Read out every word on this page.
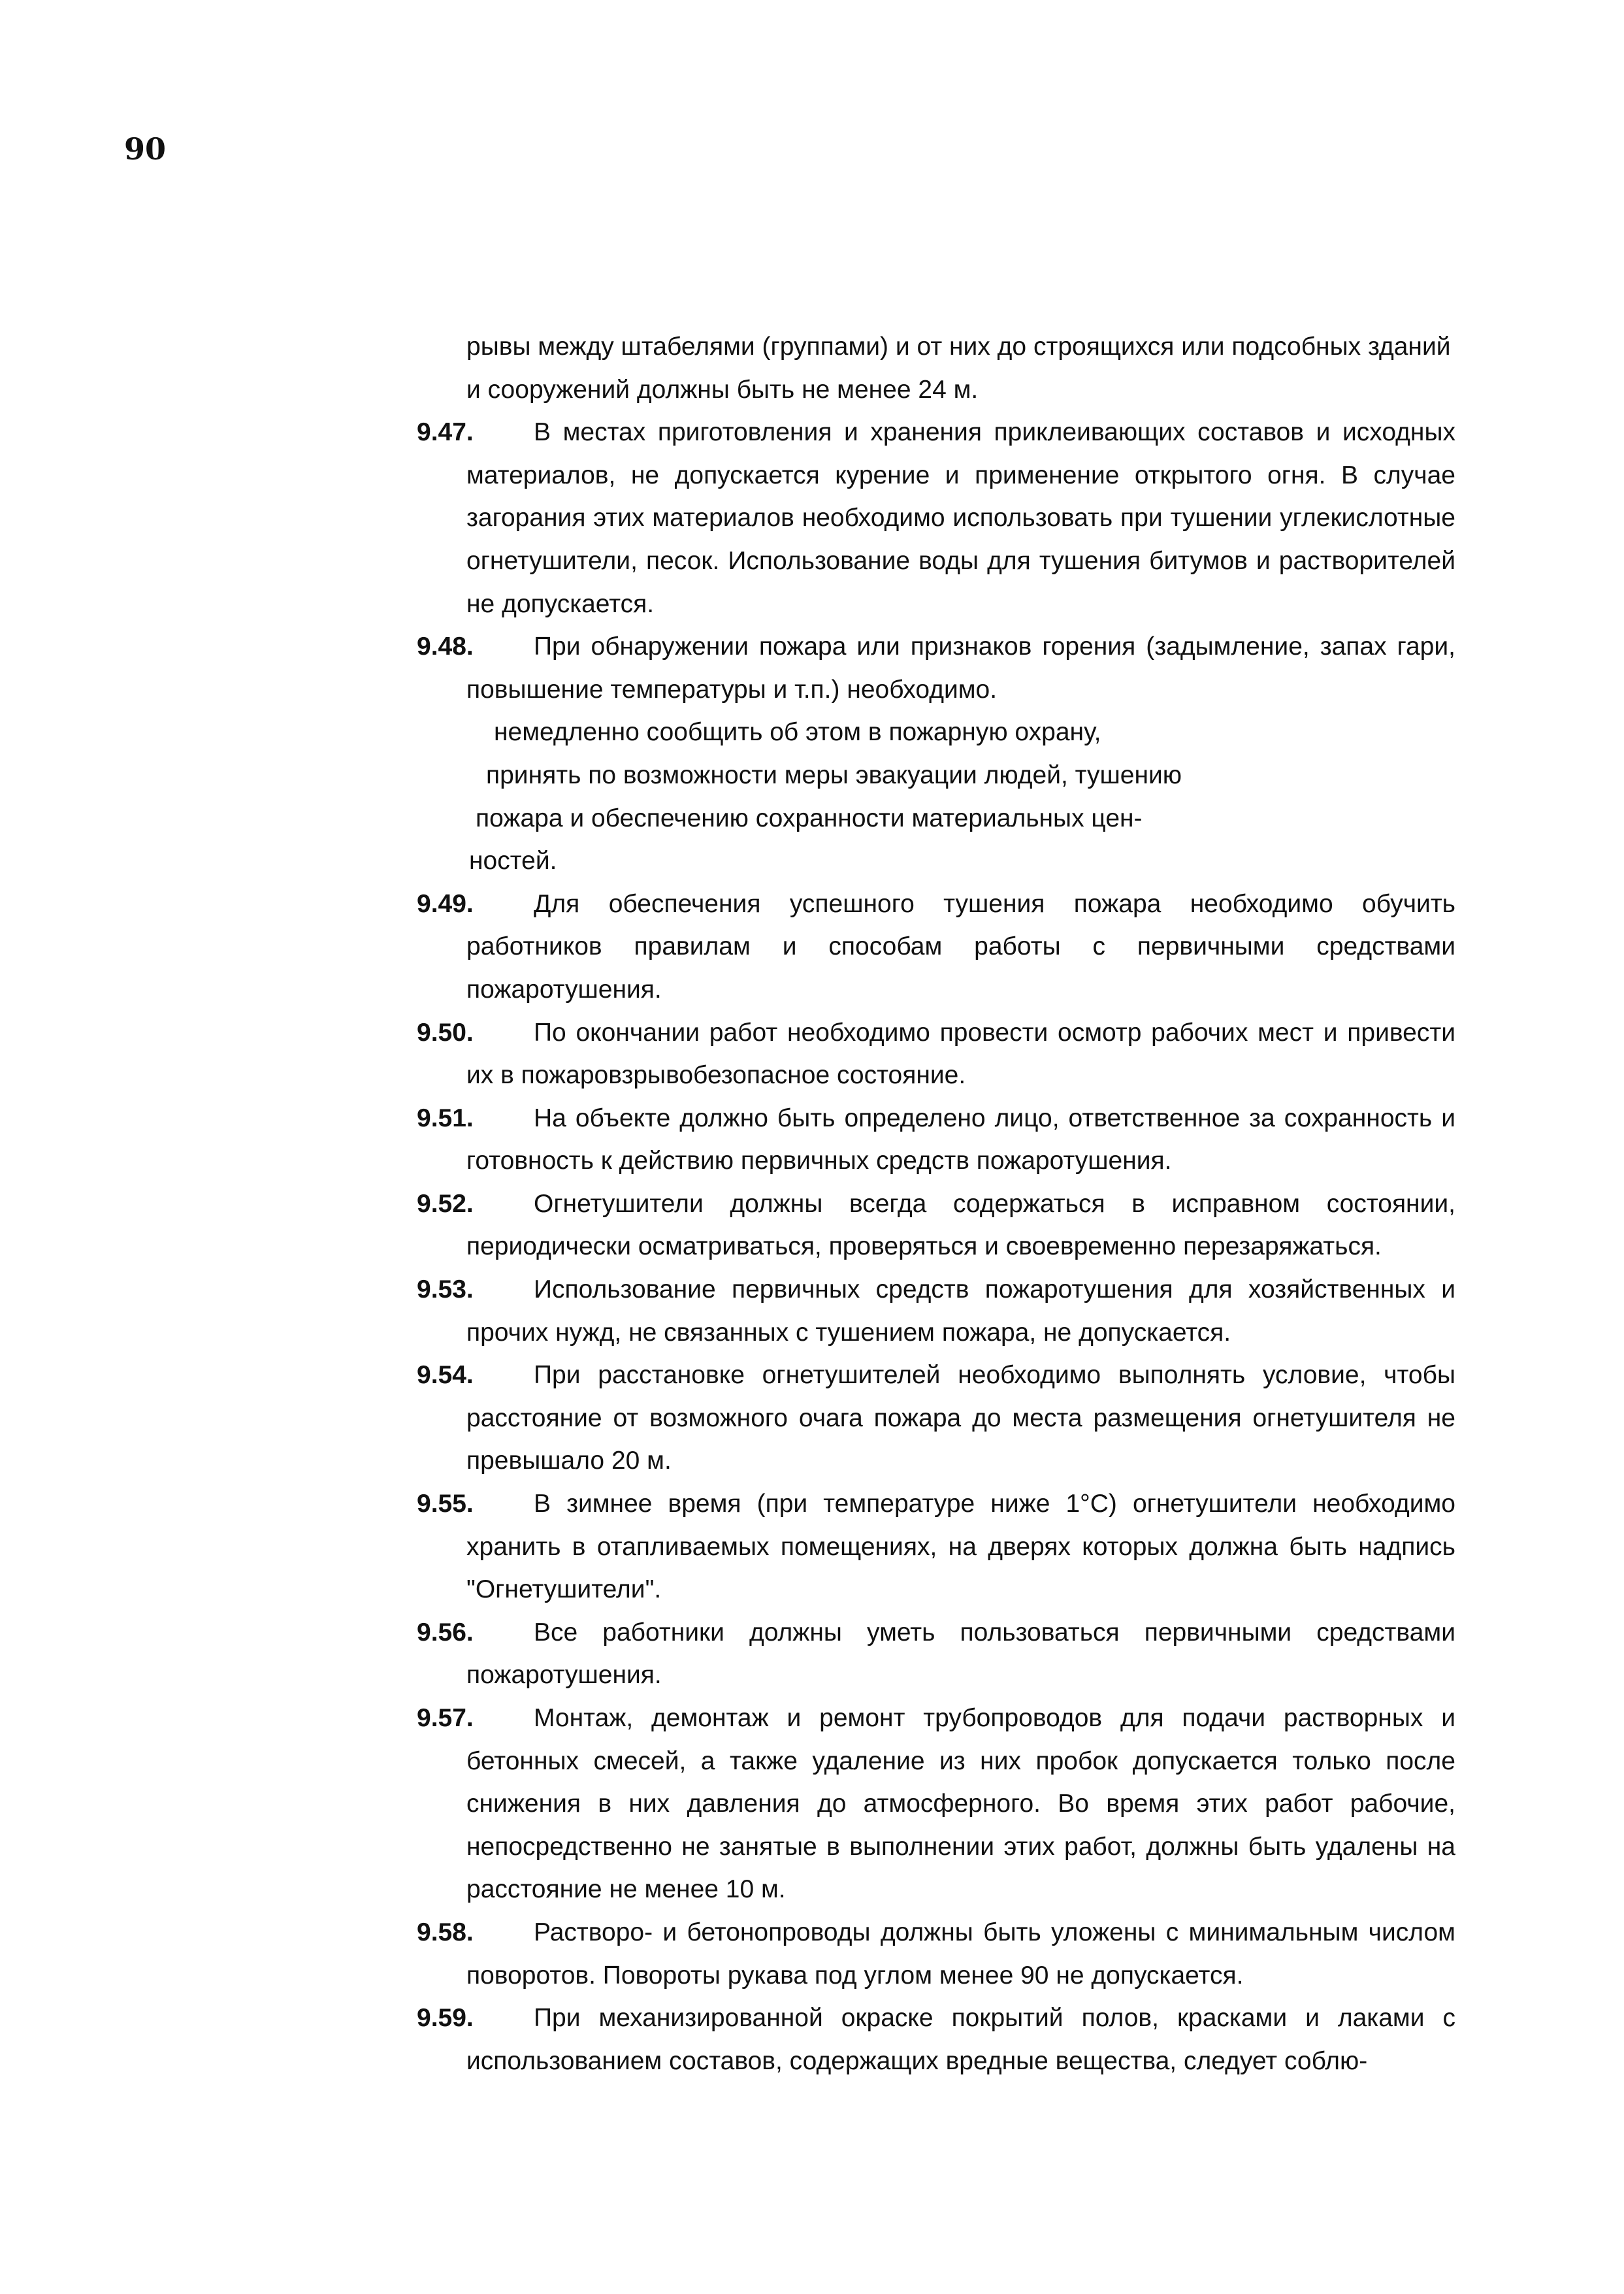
90
рывы между штабелями (группами) и от них до строящихся или подсобных зданий и сооружений должны быть не менее 24 м.
9.47.	В местах приготовления и хранения приклеивающих составов и исходных материалов, не допускается курение и применение открытого огня. В случае загорания этих материалов необходимо использовать при тушении углекислотные огнетушители, песок. Использование воды для тушения битумов и растворителей не допускается.
9.48.	При обнаружении пожара или признаков горения (задымление, запах гари, повышение температуры и т.п.) необходимо.
немедленно сообщить об этом в пожарную охрану,
принять по возможности меры эвакуации людей, тушению
пожара и обеспечению сохранности материальных цен-
ностей.
9.49.	Для обеспечения успешного тушения пожара необходимо обучить работников правилам и способам работы с первичными средствами пожаротушения.
9.50.	По окончании работ необходимо провести осмотр рабочих мест и привести их в пожаровзрывобезопасное состояние.
9.51.	На объекте должно быть определено лицо, ответственное за сохранность и готовность к действию первичных средств пожаротушения.
9.52.	Огнетушители должны всегда содержаться в исправном состоянии, периодически осматриваться, проверяться и своевременно перезаряжаться.
9.53.	Использование первичных средств пожаротушения для хозяйственных и прочих нужд, не связанных с тушением пожара, не допускается.
9.54.	При расстановке огнетушителей необходимо выполнять условие, чтобы расстояние от возможного очага пожара до места размещения огнетушителя не превышало 20 м.
9.55.	В зимнее время (при температуре ниже 1°С) огнетушители необходимо хранить в отапливаемых помещениях, на дверях которых должна быть надпись "Огнетушители".
9.56.	Все работники должны уметь пользоваться первичными средствами пожаротушения.
9.57.	Монтаж, демонтаж и ремонт трубопроводов для подачи растворных и бетонных смесей, а также удаление из них пробок допускается только после снижения в них давления до атмосферного. Во время этих работ рабочие, непосредственно не занятые в выполнении этих работ, должны быть удалены на расстояние не менее 10 м.
9.58.	Растворо- и бетонопроводы должны быть уложены с минимальным числом поворотов. Повороты рукава под углом менее 90 не допускается.
9.59.	При механизированной окраске покрытий полов, красками и лаками с использованием составов, содержащих вредные вещества, следует соблю-
